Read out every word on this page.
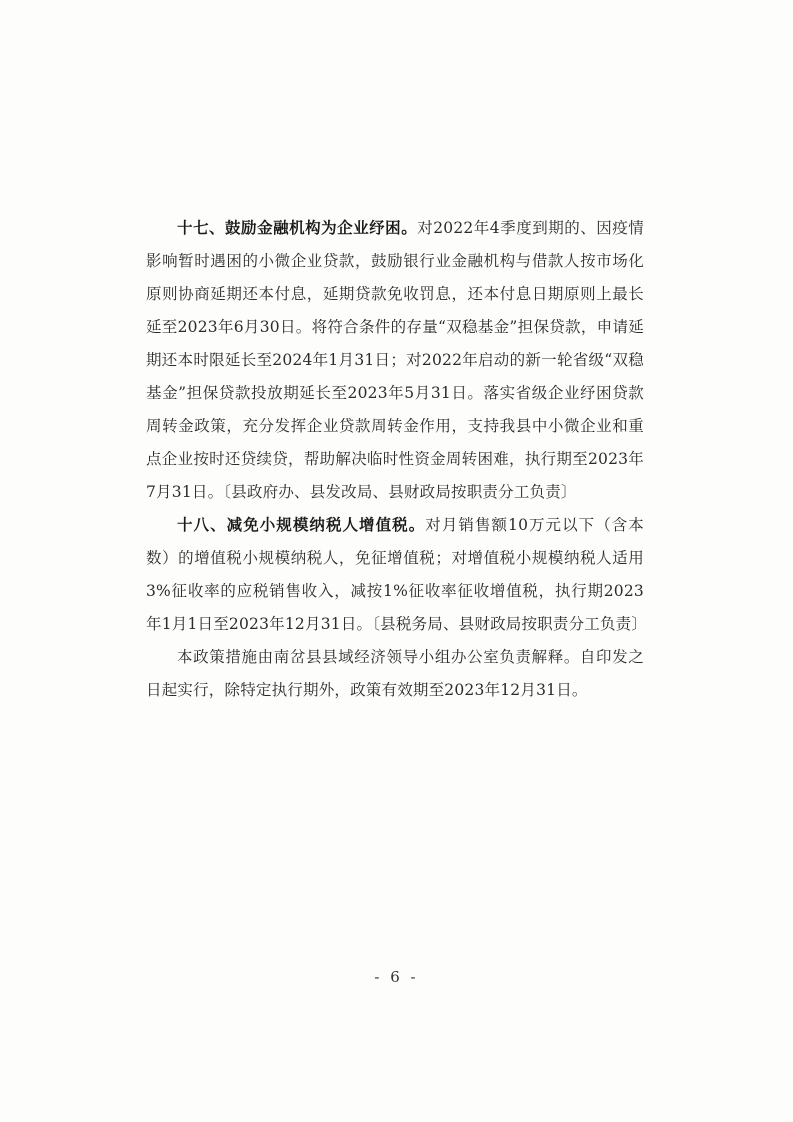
十七、鼓励金融机构为企业纾困。对2022年4季度到期的、因疫情影响暂时遇困的小微企业贷款，鼓励银行业金融机构与借款人按市场化原则协商延期还本付息，延期贷款免收罚息，还本付息日期原则上最长延至2023年6月30日。将符合条件的存量“双稳基金”担保贷款，申请延期还本时限延长至2024年1月31日；对2022年启动的新一轮省级“双稳基金”担保贷款投放期延长至2023年5月31日。落实省级企业纾困贷款周转金政策，充分发挥企业贷款周转金作用，支持我县中小微企业和重点企业按时还贷续贷，帮助解决临时性资金周转困难，执行期至2023年7月31日。〔县政府办、县发改局、县财政局按职责分工负责〕

十八、减免小规模纳税人增值税。对月销售额10万元以下（含本数）的增值税小规模纳税人，免征增值税；对增值税小规模纳税人适用3%征收率的应税销售收入，减按1%征收率征收增值税，执行期2023年1月1日至2023年12月31日。〔县税务局、县财政局按职责分工负责〕

本政策措施由南岔县县域经济领导小组办公室负责解释。自印发之日起实行，除特定执行期外，政策有效期至2023年12月31日。

- 6 -
